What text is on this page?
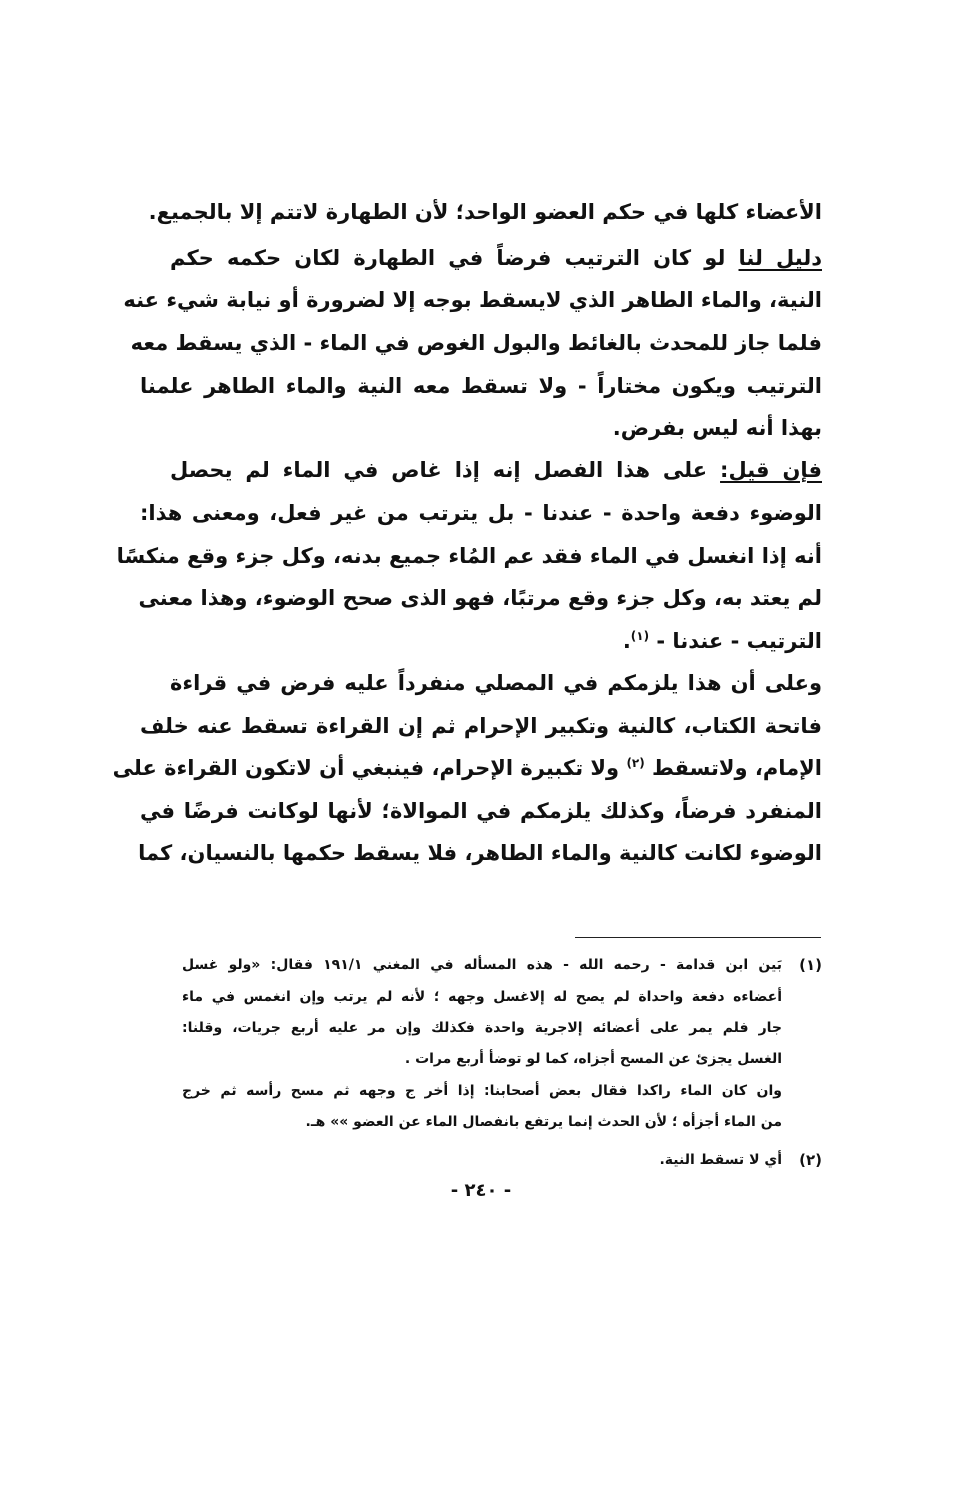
الأعضاء كلها في حكم العضو الواحد؛ لأن الطهارة لاتتم إلا بالجميع.
دليل لنا لو كان الترتيب فرضاً في الطهارة لكان حكمه حكم
النية، والماء الطاهر الذي لايسقط بوجه إلا لضرورة أو نيابة شيء عنه
فلما جاز للمحدث بالغائط والبول الغوص في الماء - الذي يسقط معه
الترتيب ويكون مختاراً - ولا تسقط معه النية والماء الطاهر علمنا
بهذا أنه ليس بفرض.
فإن قيل: على هذا الفصل إنه إذا غاص في الماء لم يحصل
الوضوء دفعة واحدة - عندنا - بل يترتب من غير فعل، ومعنى هذا:
أنه إذا انغسل في الماء فقد عم المُاء جميع بدنه، وكل جزء وقع منكسًا
لم يعتد به، وكل جزء وقع مرتبًا، فهو الذى صحح الوضوء، وهذا معنى
الترتيب - عندنا - $^{(١)}$.
وعلى أن هذا يلزمكم في المصلي منفرداً عليه فرض في قراءة
فاتحة الكتاب، كالنية وتكبير الإحرام ثم إن القراءة تسقط عنه خلف
الإمام، ولاتسقط $^{(٢)}$ ولا تكبيرة الإحرام، فينبغي أن لاتكون القراءة على
المنفرد فرضاً، وكذلك يلزمكم في الموالاة؛ لأنها لوكانت فرضًا في
الوضوء لكانت كالنية والماء الطاهر، فلا يسقط حكمها بالنسيان، كما
(١)
بَين ابن قدامة - رحمه الله - هذه المسأله في المغني ١٩١/١ فقال: «ولو غسل
أعضاءه دفعة واحداة لم يصح له إلاغسل وجهه ؛ لأنه لم يرتب وإن انغمس في ماء
جار فلم يمر على أعضائه إلاجرية واحدة فكذلك وإن مر عليه أربع جريات، وقلنا:
الغسل يجزئ عن المسح أجزاه، كما لو توضأ أربع مرات .
وان كان الماء راكدا فقال بعض أصحابنا: إذا أخر ج وجهه ثم مسح رأسه ثم خرج
من الماء أجزأه ؛ لأن الحدث إنما يرتفع بانفصال الماء عن العضو »» هـ.
(٢)
أي لا تسقط النية.
- ٢٤٠ -
